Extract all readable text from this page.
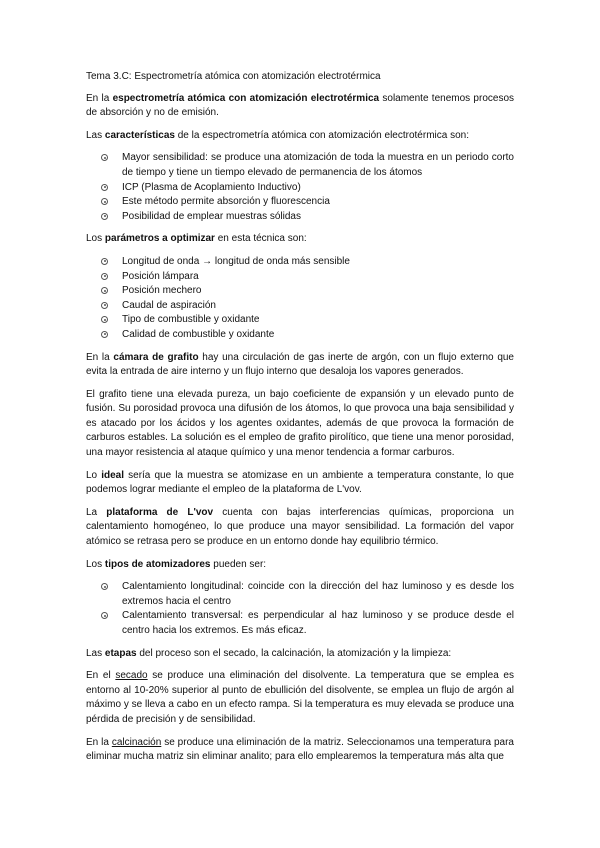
Tema 3.C: Espectrometría atómica con atomización electrotérmica

En la espectrometría atómica con atomización electrotérmica solamente tenemos procesos de absorción y no de emisión.

Las características de la espectrometría atómica con atomización electrotérmica son:

Mayor sensibilidad: se produce una atomización de toda la muestra en un periodo corto de tiempo y tiene un tiempo elevado de permanencia de los átomos
ICP (Plasma de Acoplamiento Inductivo)
Este método permite absorción y fluorescencia
Posibilidad de emplear muestras sólidas

Los parámetros a optimizar en esta técnica son:

Longitud de onda → longitud de onda más sensible
Posición lámpara
Posición mechero
Caudal de aspiración
Tipo de combustible y oxidante
Calidad de combustible y oxidante

En la cámara de grafito hay una circulación de gas inerte de argón, con un flujo externo que evita la entrada de aire interno y un flujo interno que desaloja los vapores generados.

El grafito tiene una elevada pureza, un bajo coeficiente de expansión y un elevado punto de fusión. Su porosidad provoca una difusión de los átomos, lo que provoca una baja sensibilidad y es atacado por los ácidos y los agentes oxidantes, además de que provoca la formación de carburos estables. La solución es el empleo de grafito pirolítico, que tiene una menor porosidad, una mayor resistencia al ataque químico y una menor tendencia a formar carburos.

Lo ideal sería que la muestra se atomizase en un ambiente a temperatura constante, lo que podemos lograr mediante el empleo de la plataforma de L'vov.

La plataforma de L'vov cuenta con bajas interferencias químicas, proporciona un calentamiento homogéneo, lo que produce una mayor sensibilidad. La formación del vapor atómico se retrasa pero se produce en un entorno donde hay equilibrio térmico.

Los tipos de atomizadores pueden ser:

Calentamiento longitudinal: coincide con la dirección del haz luminoso y es desde los extremos hacia el centro
Calentamiento transversal: es perpendicular al haz luminoso y se produce desde el centro hacia los extremos. Es más eficaz.

Las etapas del proceso son el secado, la calcinación, la atomización y la limpieza:

En el secado se produce una eliminación del disolvente. La temperatura que se emplea es entorno al 10-20% superior al punto de ebullición del disolvente, se emplea un flujo de argón al máximo y se lleva a cabo en un efecto rampa. Si la temperatura es muy elevada se produce una pérdida de precisión y de sensibilidad.

En la calcinación se produce una eliminación de la matriz. Seleccionamos una temperatura para eliminar mucha matriz sin eliminar analito; para ello emplearemos la temperatura más alta que
